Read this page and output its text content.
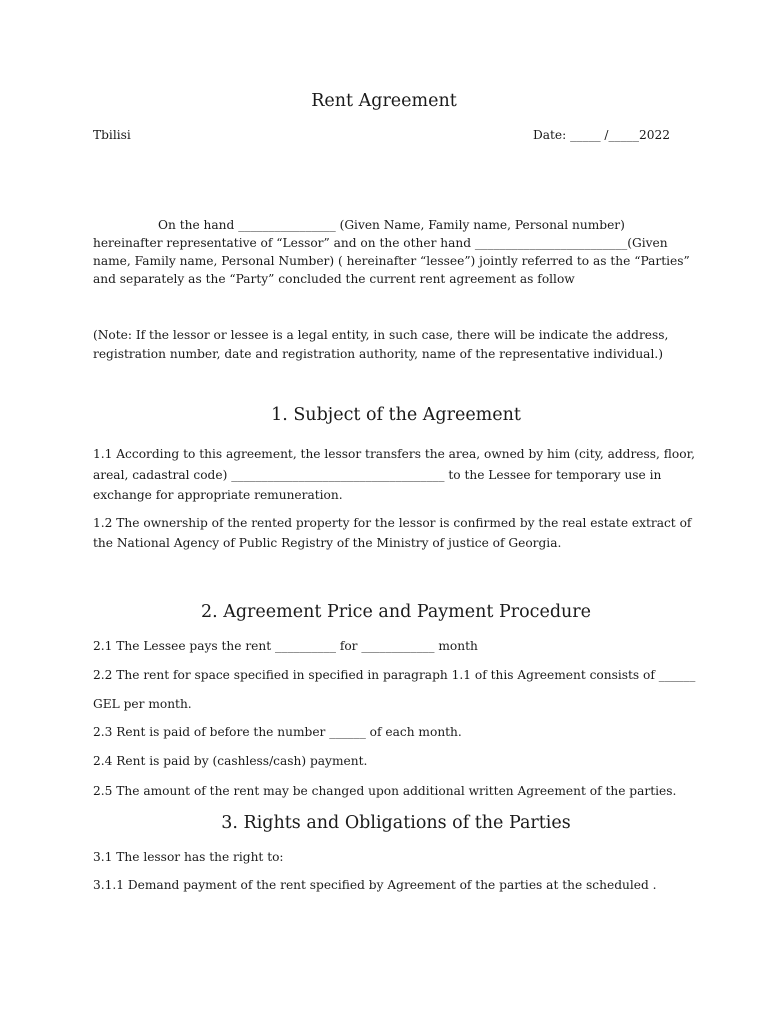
Rent Agreement
Tbilisi	Date: _____ /_____2022
On the hand ________________ (Given Name, Family name, Personal number)
hereinafter representative of “Lessor” and on the other hand _________________________(Given
name, Family name, Personal Number) ( hereinafter “lessee”) jointly referred to as the “Parties”
and separately as the “Party” concluded the current rent agreement as follow
(Note: If the lessor or lessee is a legal entity, in such case, there will be indicate the address,
registration number, date and registration authority, name of the representative individual.)
1. Subject of the Agreement
1.1 According to this agreement, the lessor transfers the area, owned by him (city, address, floor,
areal, cadastral code) ___________________________________ to the Lessee for temporary use in
exchange for appropriate remuneration.
1.2 The ownership of the rented property for the lessor is confirmed by the real estate extract of
the National Agency of Public Registry of the Ministry of justice of Georgia.
2. Agreement Price and Payment Procedure
2.1 The Lessee pays the rent __________ for ____________ month
2.2 The rent for space specified in specified in paragraph 1.1 of this Agreement consists of ______
GEL per month.
2.3 Rent is paid of before the number ______ of each month.
2.4 Rent is paid by (cashless/cash) payment.
2.5 The amount of the rent may be changed upon additional written Agreement of the parties.
3. Rights and Obligations of the Parties
3.1 The lessor has the right to:
3.1.1 Demand payment of the rent specified by Agreement of the parties at the scheduled .
